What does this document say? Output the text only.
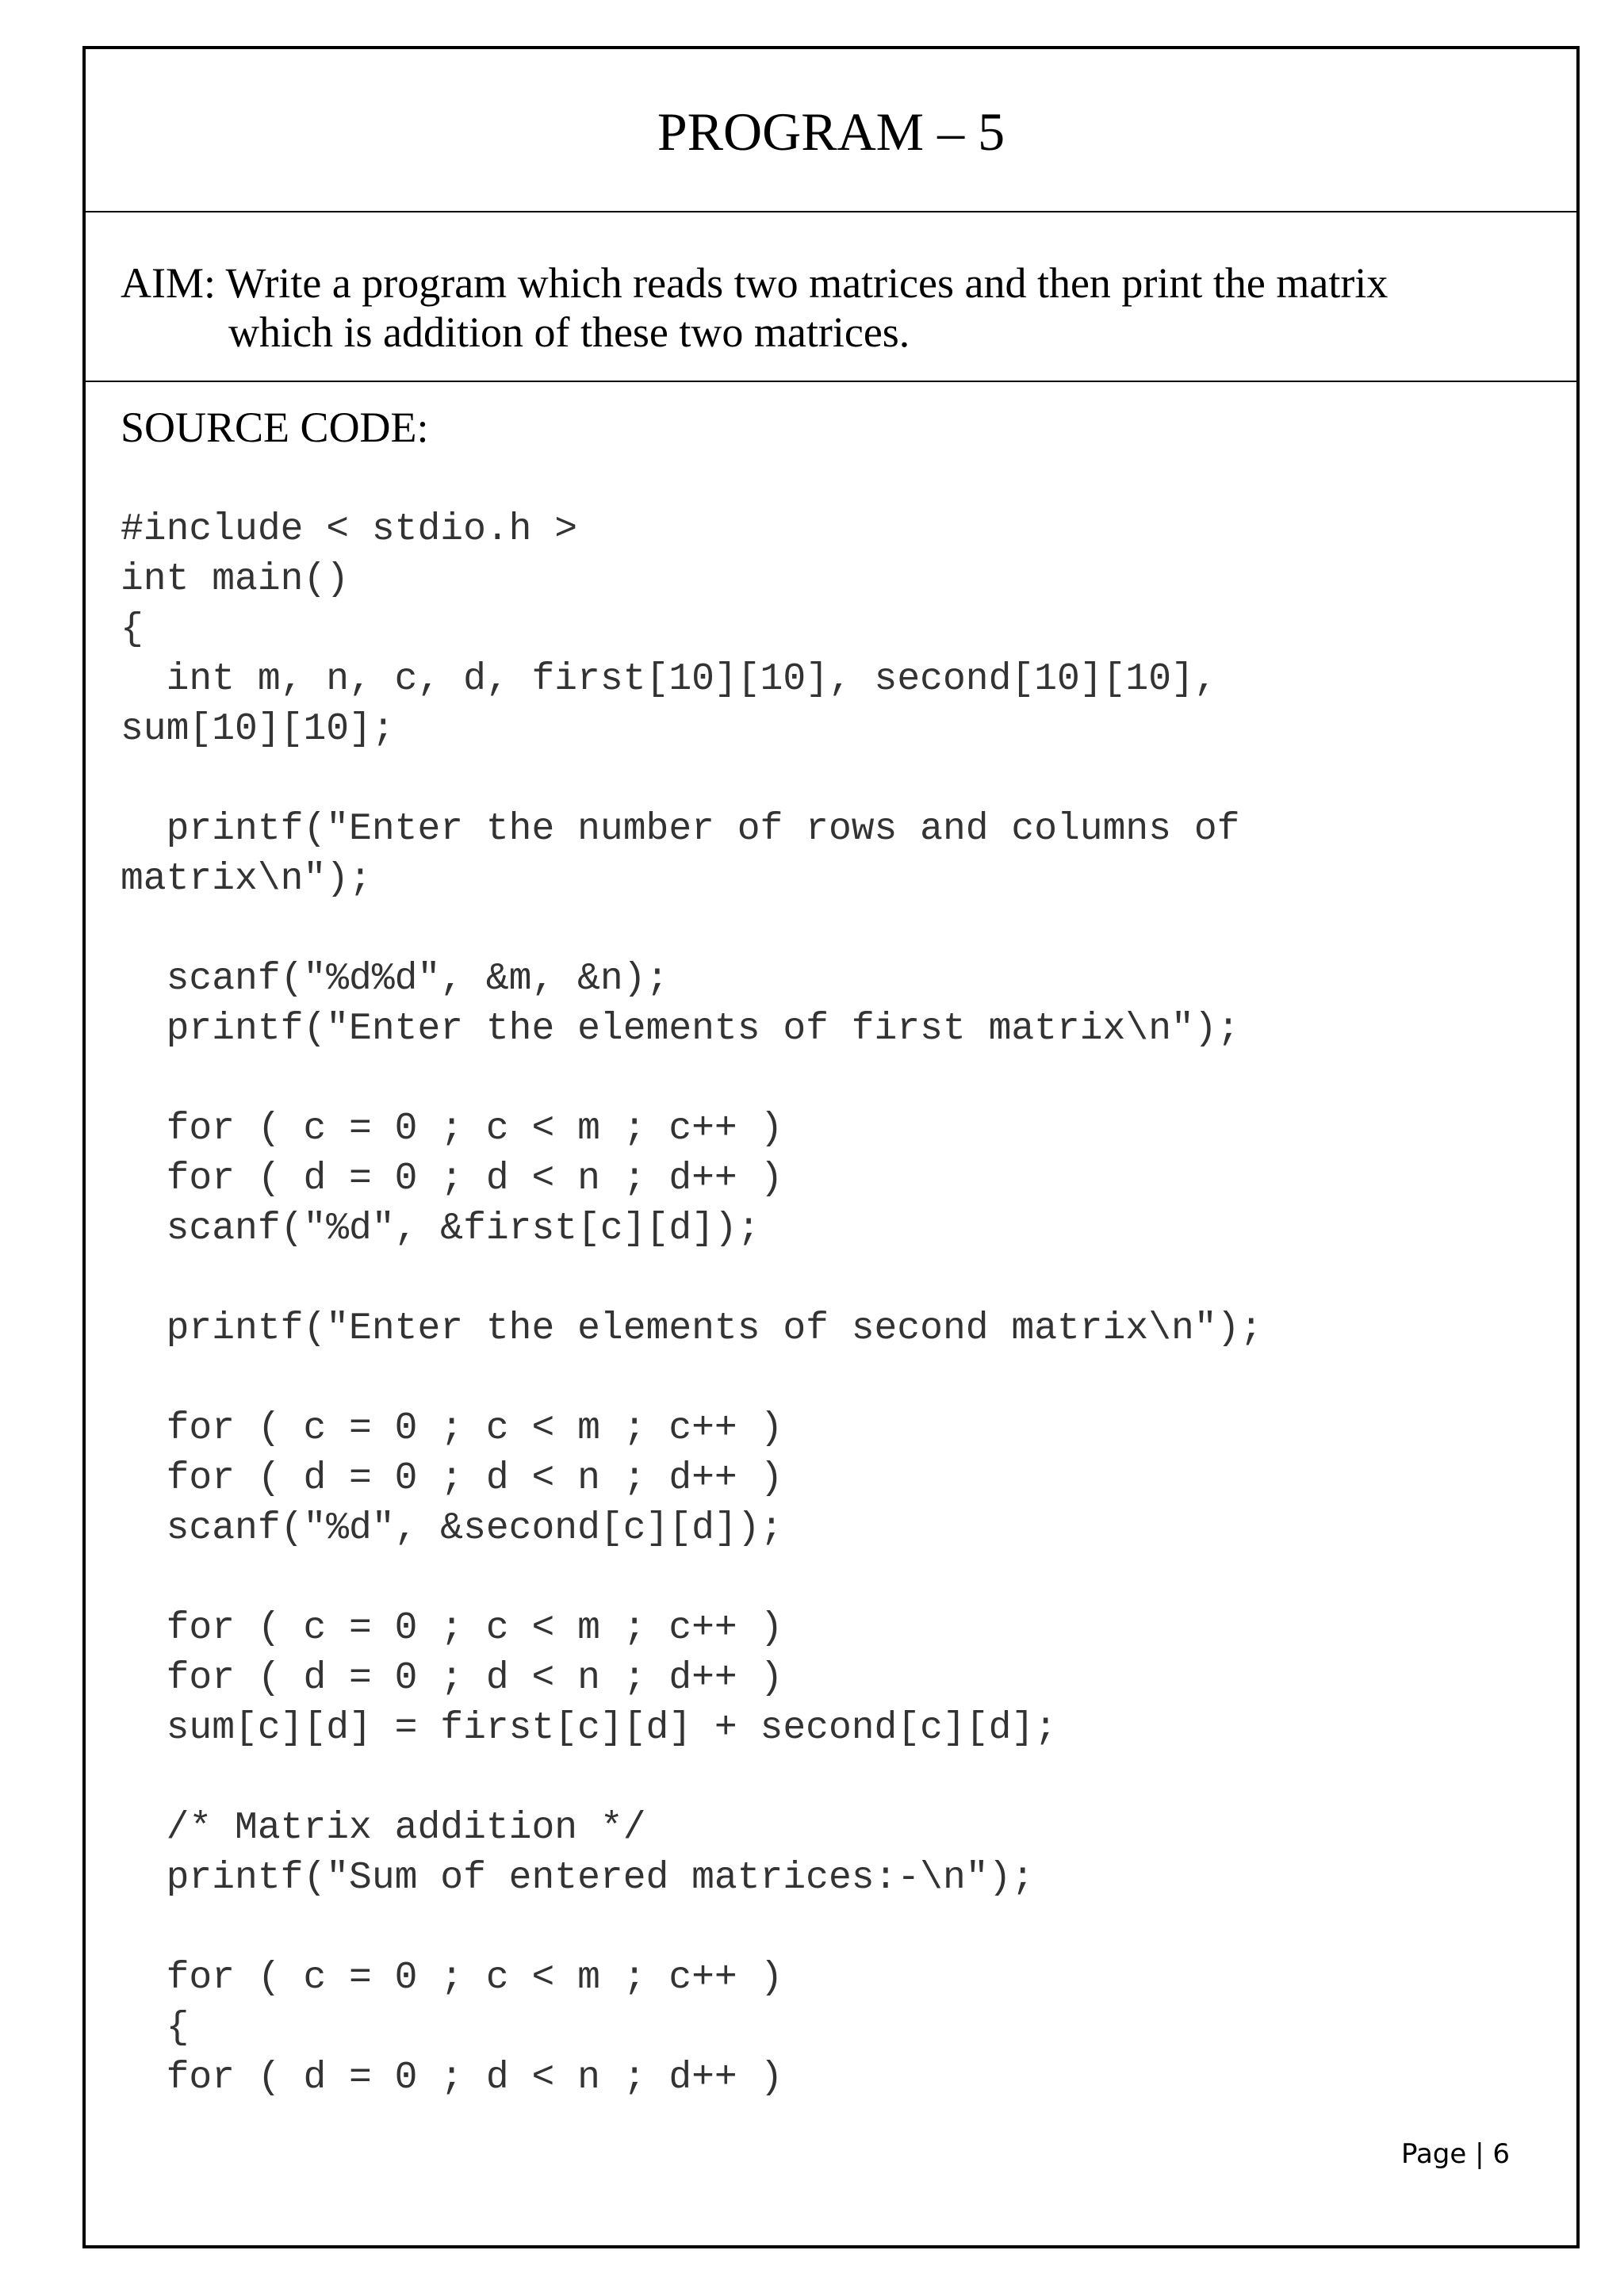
PROGRAM – 5
AIM: Write a program which reads two matrices and then print the matrix
which is addition of these two matrices.
SOURCE CODE:
#include < stdio.h >
int main()
{
int m, n, c, d, first[10][10], second[10][10],
sum[10][10];
printf("Enter the number of rows and columns of
matrix\n");
scanf("%d%d", &m, &n);
printf("Enter the elements of first matrix\n");
for ( c = 0 ; c < m ; c++ )
for ( d = 0 ; d < n ; d++ )
scanf("%d", &first[c][d]);
printf("Enter the elements of second matrix\n");
for ( c = 0 ; c < m ; c++ )
for ( d = 0 ; d < n ; d++ )
scanf("%d", &second[c][d]);
for ( c = 0 ; c < m ; c++ )
for ( d = 0 ; d < n ; d++ )
sum[c][d] = first[c][d] + second[c][d];
/* Matrix addition */
printf("Sum of entered matrices:-\n");
for ( c = 0 ; c < m ; c++ )
{
for ( d = 0 ; d < n ; d++ )
Page | 6
